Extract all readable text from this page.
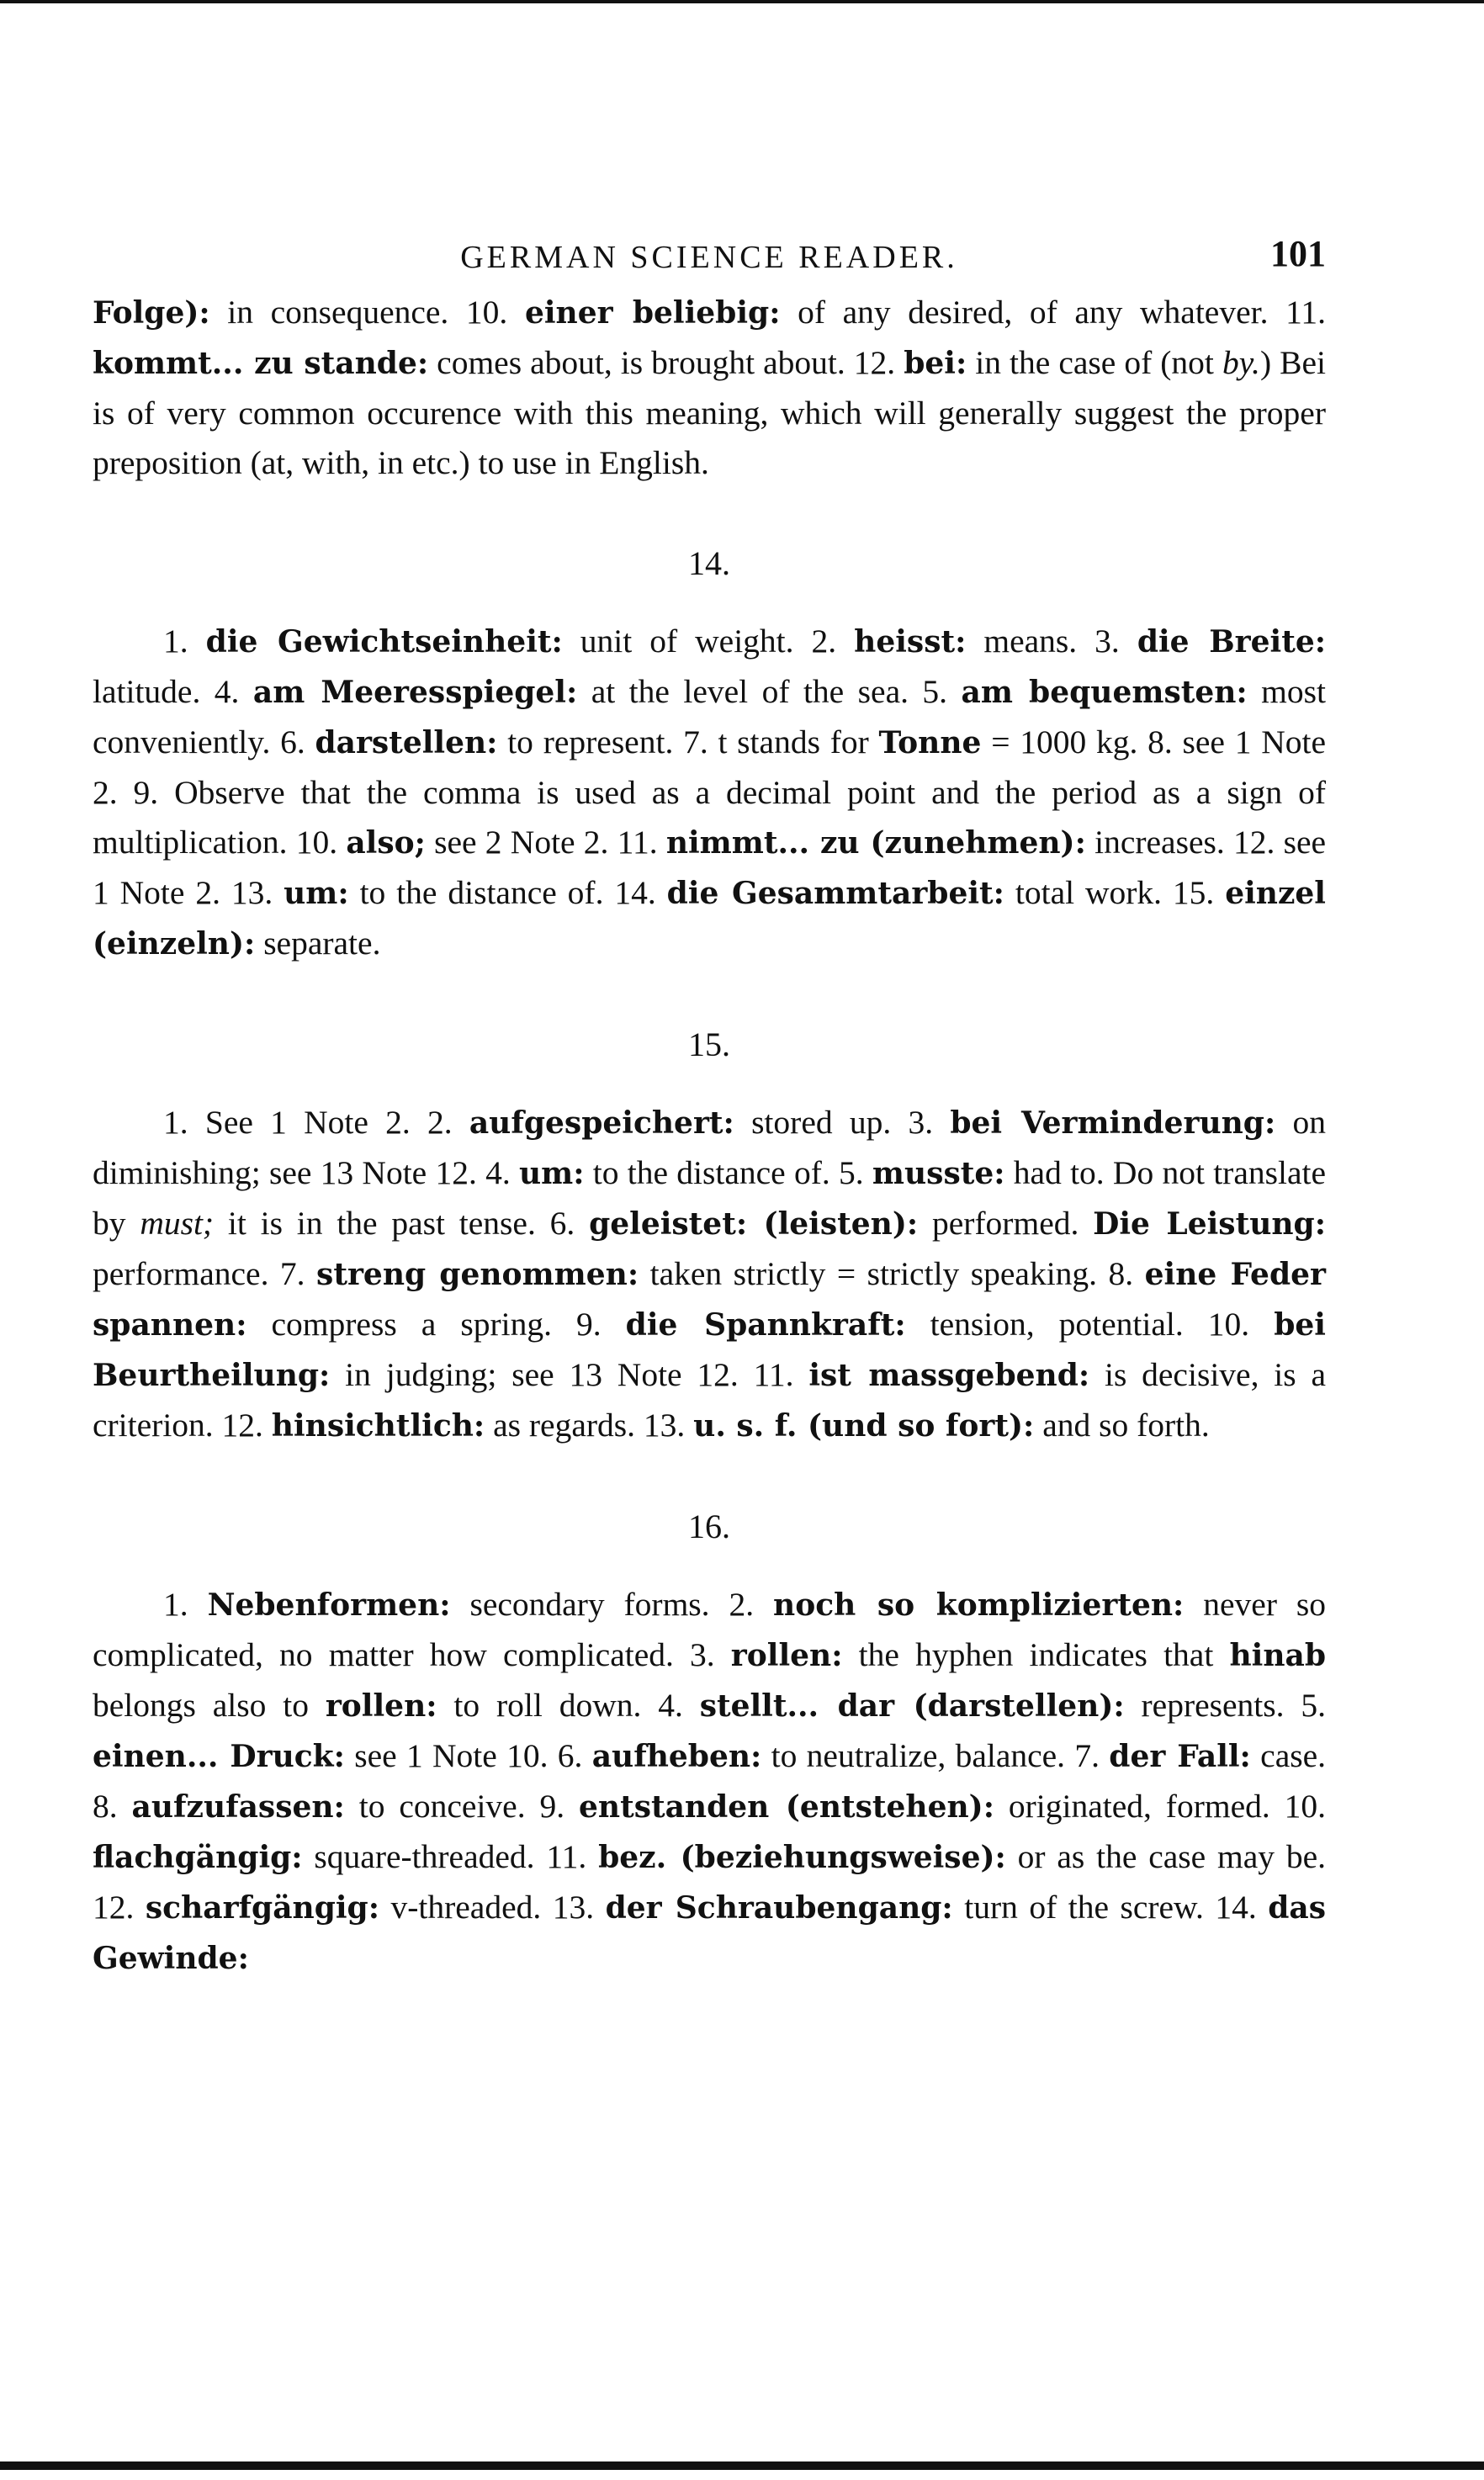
GERMAN SCIENCE READER.	101

Folge): in consequence. 10. einer beliebig: of any desired, of any whatever. 11. kommt... zu stande: comes about, is brought about. 12. bei: in the case of (not by.) Bei is of very common occurence with this meaning, which will generally suggest the proper preposition (at, with, in etc.) to use in English.

14.

1. die Gewichtseinheit: unit of weight. 2. heisst: means. 3. die Breite: latitude. 4. am Meeresspiegel: at the level of the sea. 5. am bequemsten: most conveniently. 6. darstellen: to represent. 7. t stands for Tonne = 1000 kg. 8. see 1 Note 2. 9. Observe that the comma is used as a decimal point and the period as a sign of multiplication. 10. also; see 2 Note 2. 11. nimmt... zu (zunehmen): increases. 12. see 1 Note 2. 13. um: to the distance of. 14. die Gesammtarbeit: total work. 15. einzel (einzeln): separate.

15.

1. See 1 Note 2. 2. aufgespeichert: stored up. 3. bei Verminderung: on diminishing; see 13 Note 12. 4. um: to the distance of. 5. musste: had to. Do not translate by must; it is in the past tense. 6. geleistet: (leisten): performed. Die Leistung: performance. 7. streng genommen: taken strictly = strictly speaking. 8. eine Feder spannen: compress a spring. 9. die Spannkraft: tension, potential. 10. bei Beurtheilung: in judging; see 13 Note 12. 11. ist massgebend: is decisive, is a criterion. 12. hinsichtlich: as regards. 13. u. s. f. (und so fort): and so forth.

16.

1. Nebenformen: secondary forms. 2. noch so komplizierten: never so complicated, no matter how complicated. 3. rollen: the hyphen indicates that hinab belongs also to rollen: to roll down. 4. stellt... dar (darstellen): represents. 5. einen... Druck: see 1 Note 10. 6. aufheben: to neutralize, balance. 7. der Fall: case. 8. aufzufassen: to conceive. 9. entstanden (entstehen): originated, formed. 10. flachgängig: square-threaded. 11. bez. (beziehungsweise): or as the case may be. 12. scharfgängig: v-threaded. 13. der Schraubengang: turn of the screw. 14. das Gewinde:
